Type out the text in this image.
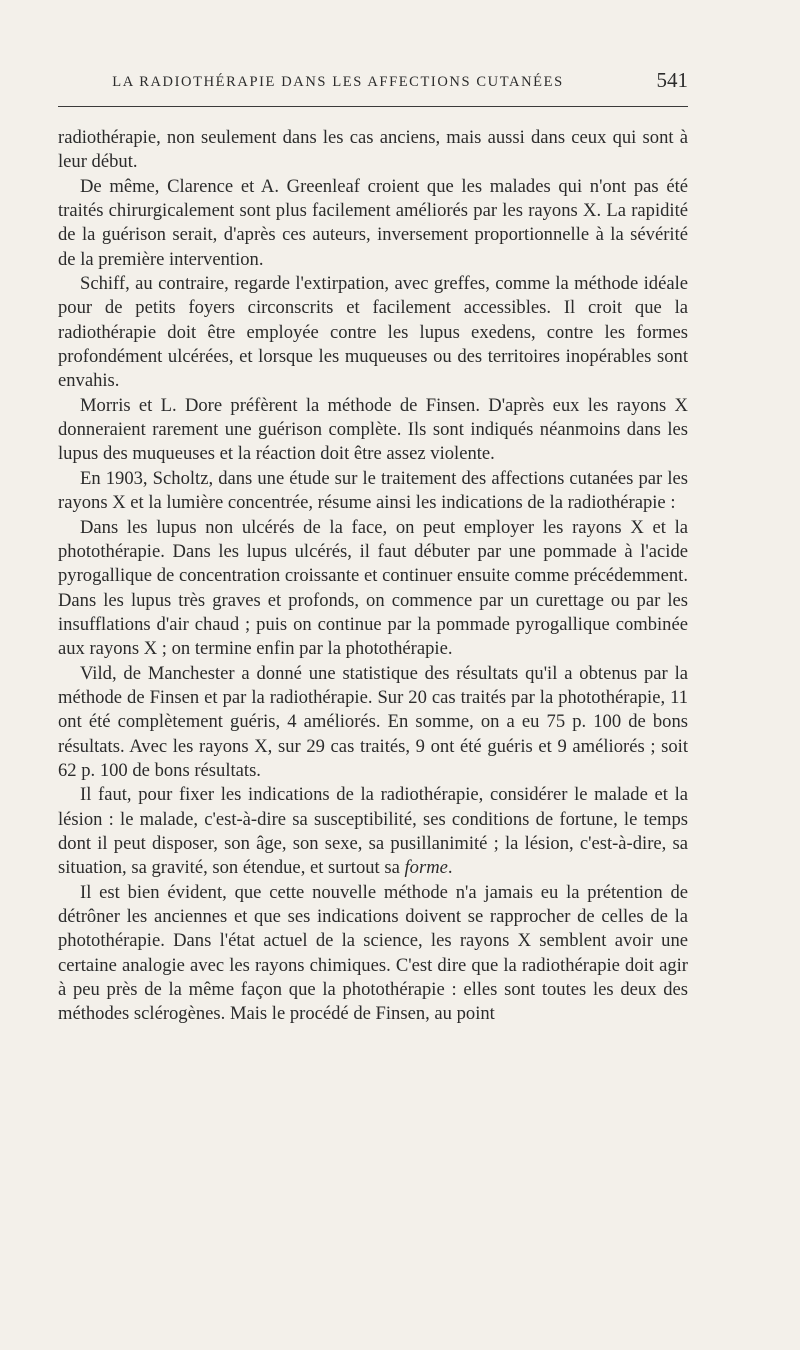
LA RADIOTHÉRAPIE DANS LES AFFECTIONS CUTANÉES	541

radiothérapie, non seulement dans les cas anciens, mais aussi dans ceux qui sont à leur début.

De même, Clarence et A. Greenleaf croient que les malades qui n'ont pas été traités chirurgicalement sont plus facilement améliorés par les rayons X. La rapidité de la guérison serait, d'après ces auteurs, inversement proportionnelle à la sévérité de la première intervention.

Schiff, au contraire, regarde l'extirpation, avec greffes, comme la méthode idéale pour de petits foyers circonscrits et facilement accessibles. Il croit que la radiothérapie doit être employée contre les lupus exedens, contre les formes profondément ulcérées, et lorsque les muqueuses ou des territoires inopérables sont envahis.

Morris et L. Dore préfèrent la méthode de Finsen. D'après eux les rayons X donneraient rarement une guérison complète. Ils sont indiqués néanmoins dans les lupus des muqueuses et la réaction doit être assez violente.

En 1903, Scholtz, dans une étude sur le traitement des affections cutanées par les rayons X et la lumière concentrée, résume ainsi les indications de la radiothérapie :

Dans les lupus non ulcérés de la face, on peut employer les rayons X et la photothérapie. Dans les lupus ulcérés, il faut débuter par une pommade à l'acide pyrogallique de concentration croissante et continuer ensuite comme précédemment. Dans les lupus très graves et profonds, on commence par un curettage ou par les insufflations d'air chaud ; puis on continue par la pommade pyrogallique combinée aux rayons X ; on termine enfin par la photothérapie.

Vild, de Manchester a donné une statistique des résultats qu'il a obtenus par la méthode de Finsen et par la radiothérapie. Sur 20 cas traités par la photothérapie, 11 ont été complètement guéris, 4 améliorés. En somme, on a eu 75 p. 100 de bons résultats. Avec les rayons X, sur 29 cas traités, 9 ont été guéris et 9 améliorés ; soit 62 p. 100 de bons résultats.

Il faut, pour fixer les indications de la radiothérapie, considérer le malade et la lésion : le malade, c'est-à-dire sa susceptibilité, ses conditions de fortune, le temps dont il peut disposer, son âge, son sexe, sa pusillanimité ; la lésion, c'est-à-dire, sa situation, sa gravité, son étendue, et surtout sa forme.

Il est bien évident, que cette nouvelle méthode n'a jamais eu la prétention de détrôner les anciennes et que ses indications doivent se rapprocher de celles de la photothérapie. Dans l'état actuel de la science, les rayons X semblent avoir une certaine analogie avec les rayons chimiques. C'est dire que la radiothérapie doit agir à peu près de la même façon que la photothérapie : elles sont toutes les deux des méthodes sclérogènes. Mais le procédé de Finsen, au point
